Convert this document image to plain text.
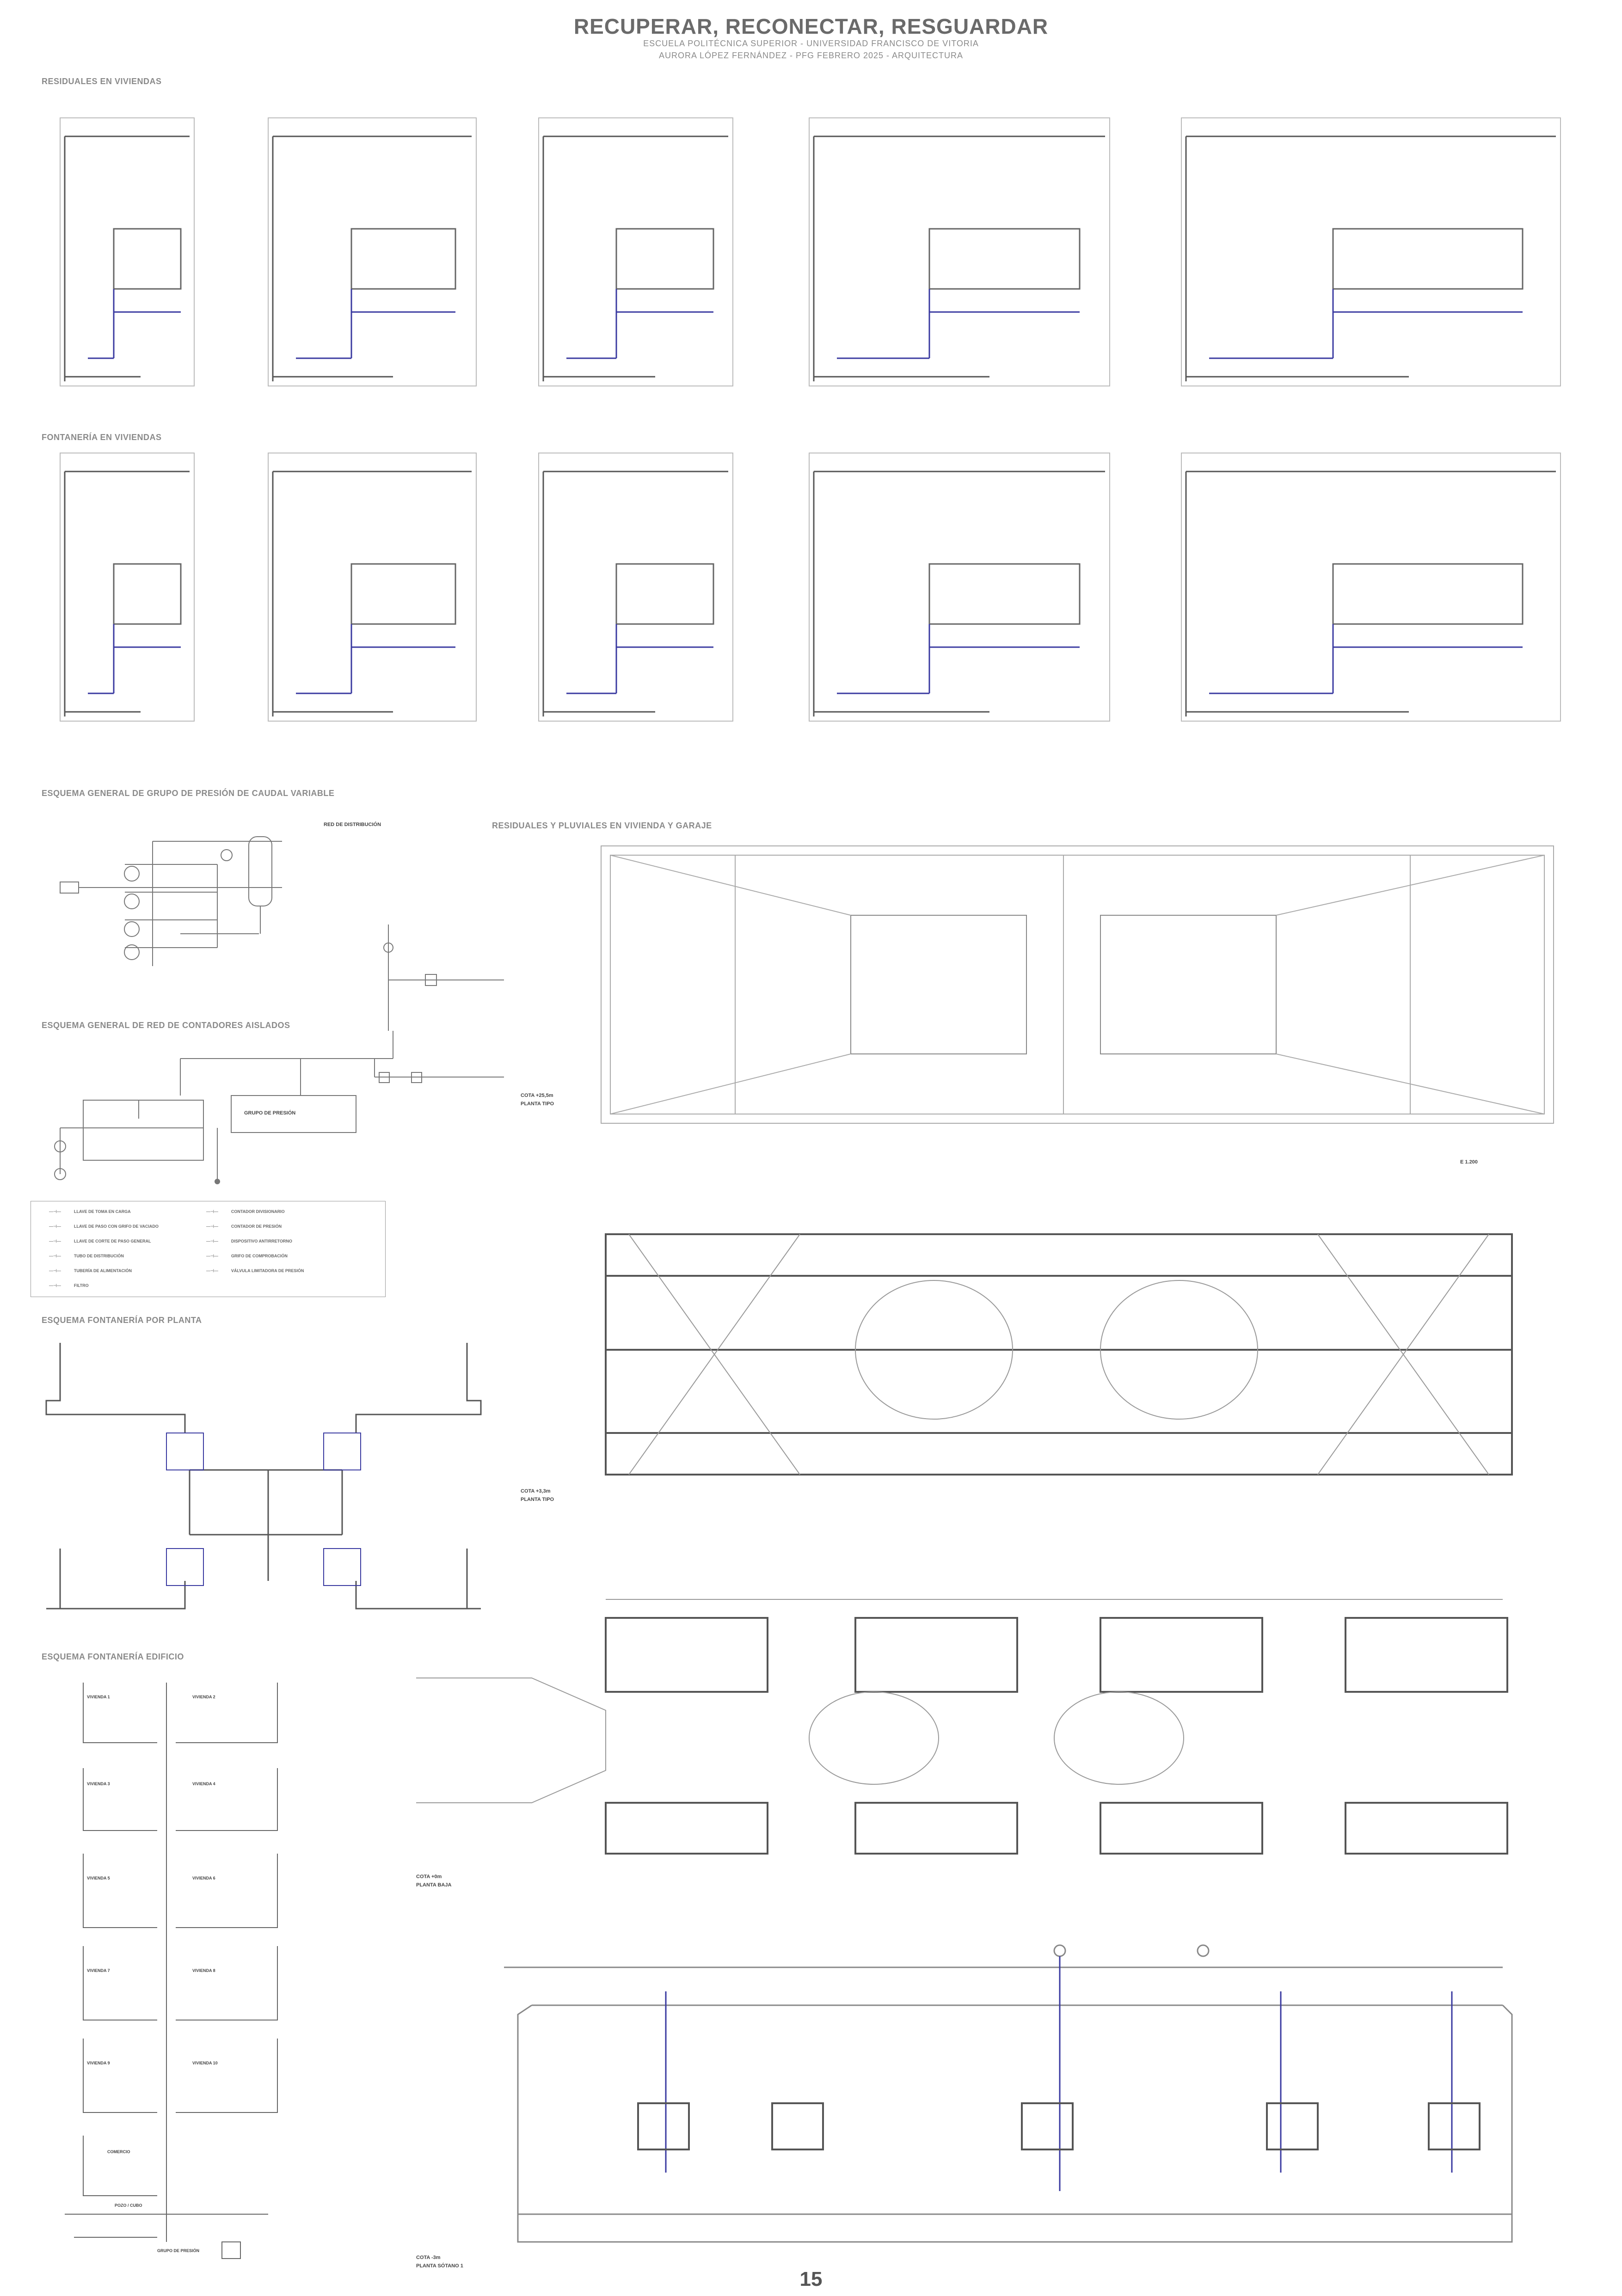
RECUPERAR, RECONECTAR, RESGUARDAR
ESCUELA POLITÉCNICA SUPERIOR - UNIVERSIDAD FRANCISCO DE VITORIA
AURORA LÓPEZ FERNÁNDEZ - PFG FEBRERO 2025 - ARQUITECTURA
RESIDUALES EN VIVIENDAS
FONTANERÍA EN VIVIENDAS
ESQUEMA GENERAL DE GRUPO DE PRESIÓN DE CAUDAL VARIABLE
ESQUEMA GENERAL DE RED DE CONTADORES AISLADOS
ESQUEMA FONTANERÍA POR PLANTA
ESQUEMA FONTANERÍA EDIFICIO
RESIDUALES Y PLUVIALES EN VIVIENDA Y GARAJE
RED DE DISTRIBUCIÓN
GRUPO DE PRESIÓN
—⊣—	LLAVE DE TOMA EN CARGA
—⊣—	LLAVE DE PASO CON GRIFO DE VACIADO
—⊣—	LLAVE DE CORTE DE PASO GENERAL
—⊣—	TUBO DE DISTRIBUCIÓN
—⊣—	TUBERÍA DE ALIMENTACIÓN
—⊣—	FILTRO
—⊣—	CONTADOR DIVISIONARIO
—⊣—	CONTADOR DE PRESIÓN
—⊣—	DISPOSITIVO ANTIRRETORNO
—⊣—	GRIFO DE COMPROBACIÓN
—⊣—	VÁLVULA LIMITADORA DE PRESIÓN
VIVIENDA 1	VIVIENDA 2
VIVIENDA 3	VIVIENDA 4
VIVIENDA 5	VIVIENDA 6
VIVIENDA 7	VIVIENDA 8
VIVIENDA 9	VIVIENDA 10
COMERCIO
POZO / CUBO
GRUPO DE PRESIÓN
COTA +25,5m
PLANTA TIPO
E 1.200
COTA +3,3m
PLANTA TIPO
COTA +0m
PLANTA BAJA
COTA -3m
PLANTA SÓTANO 1
15
